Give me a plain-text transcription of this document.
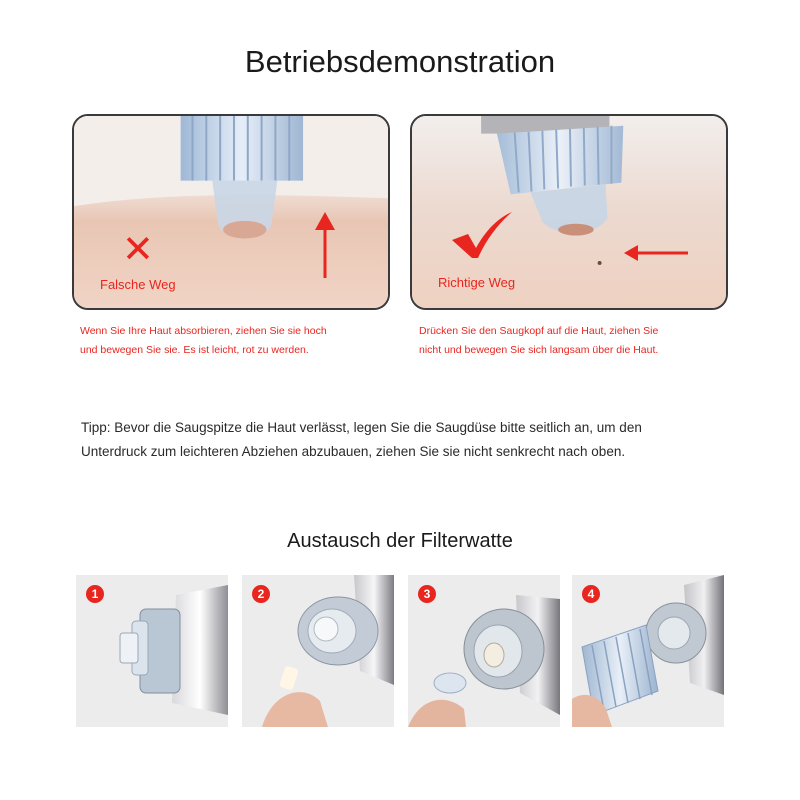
Betriebsdemonstration
✕
Falsche Weg	Richtige Weg
Wenn Sie Ihre Haut absorbieren, ziehen Sie sie hoch
und bewegen Sie sie. Es ist leicht, rot zu werden.
Drücken Sie den Saugkopf auf die Haut, ziehen Sie
nicht und bewegen Sie sich langsam über die Haut.
Tipp: Bevor die Saugspitze die Haut verlässt, legen Sie die Saugdüse bitte seitlich an, um den
Unterdruck zum leichteren Abziehen abzubauen, ziehen Sie sie nicht senkrecht nach oben.
Austausch der Filterwatte
1	2	3	4
